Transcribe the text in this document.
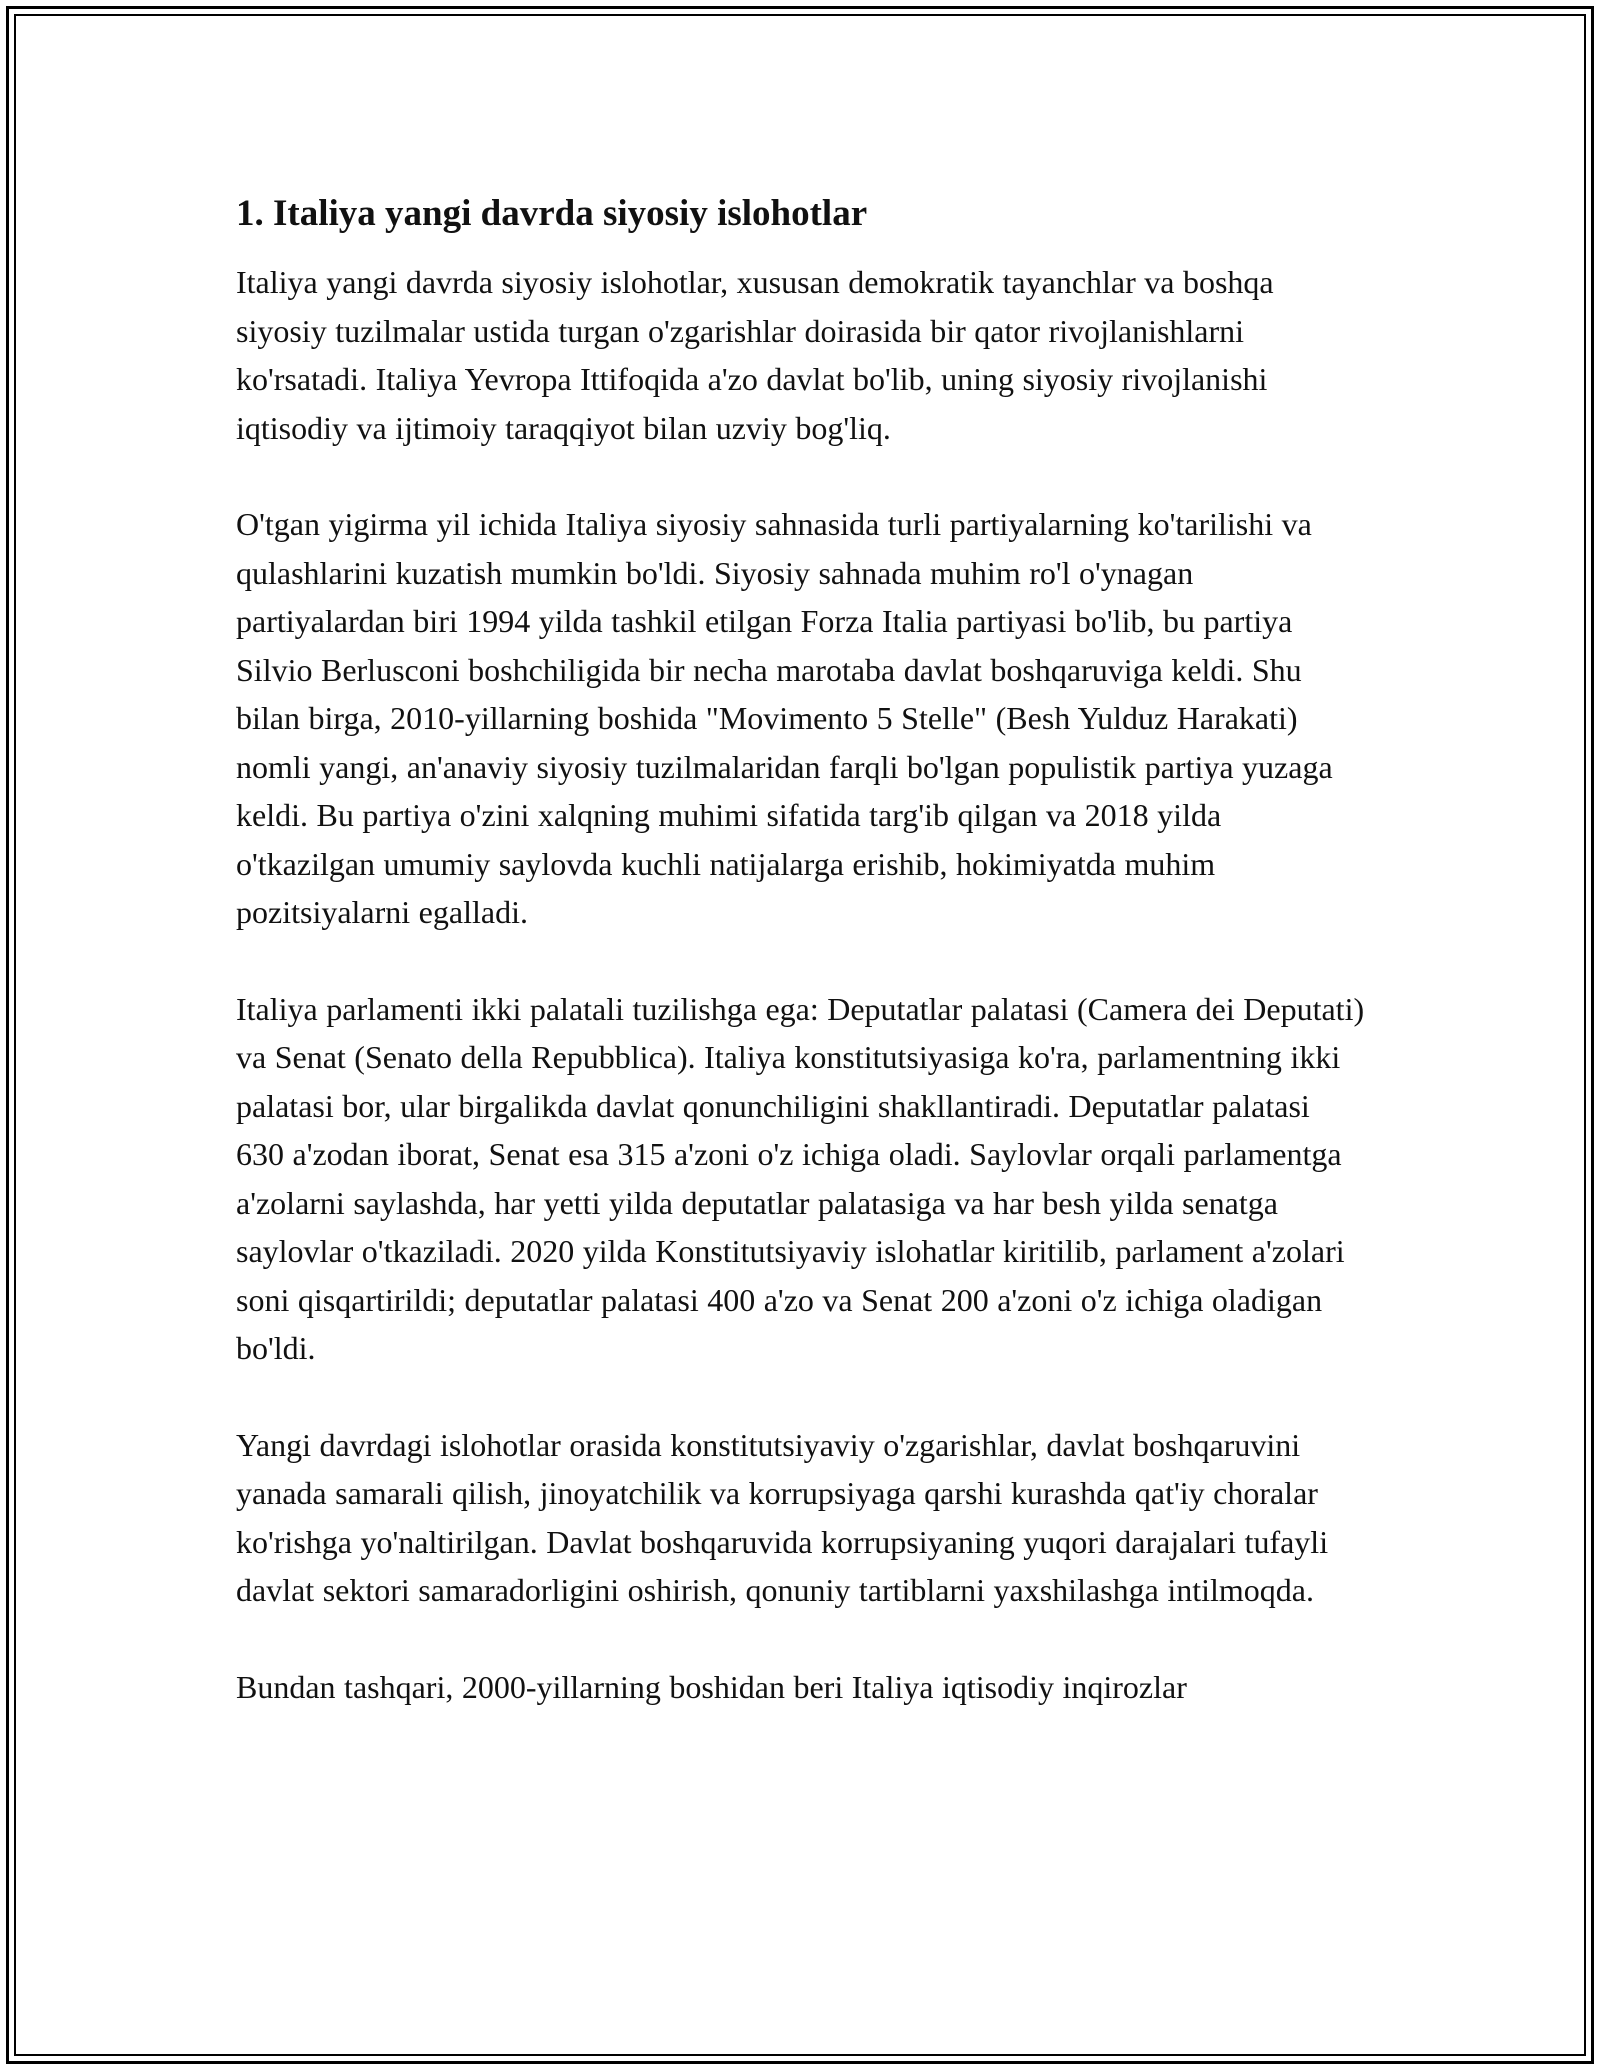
1. Italiya yangi davrda siyosiy islohotlar

Italiya yangi davrda siyosiy islohotlar, xususan demokratik tayanchlar va boshqa siyosiy tuzilmalar ustida turgan o'zgarishlar doirasida bir qator rivojlanishlarni ko'rsatadi. Italiya Yevropa Ittifoqida a'zo davlat bo'lib, uning siyosiy rivojlanishi iqtisodiy va ijtimoiy taraqqiyot bilan uzviy bog'liq.

O'tgan yigirma yil ichida Italiya siyosiy sahnasida turli partiyalarning ko'tarilishi va qulashlarini kuzatish mumkin bo'ldi. Siyosiy sahnada muhim ro'l o'ynagan partiyalardan biri 1994 yilda tashkil etilgan Forza Italia partiyasi bo'lib, bu partiya Silvio Berlusconi boshchiligida bir necha marotaba davlat boshqaruviga keldi. Shu bilan birga, 2010-yillarning boshida "Movimento 5 Stelle" (Besh Yulduz Harakati) nomli yangi, an'anaviy siyosiy tuzilmalaridan farqli bo'lgan populistik partiya yuzaga keldi. Bu partiya o'zini xalqning muhimi sifatida targ'ib qilgan va 2018 yilda o'tkazilgan umumiy saylovda kuchli natijalarga erishib, hokimiyatda muhim pozitsiyalarni egalladi.

Italiya parlamenti ikki palatali tuzilishga ega: Deputatlar palatasi (Camera dei Deputati) va Senat (Senato della Repubblica). Italiya konstitutsiyasiga ko'ra, parlamentning ikki palatasi bor, ular birgalikda davlat qonunchiligini shakllantiradi. Deputatlar palatasi 630 a'zodan iborat, Senat esa 315 a'zoni o'z ichiga oladi. Saylovlar orqali parlamentga a'zolarni saylashda, har yetti yilda deputatlar palatasiga va har besh yilda senatga saylovlar o'tkaziladi. 2020 yilda Konstitutsiyaviy islohatlar kiritilib, parlament a'zolari soni qisqartirildi; deputatlar palatasi 400 a'zo va Senat 200 a'zoni o'z ichiga oladigan bo'ldi.

Yangi davrdagi islohotlar orasida konstitutsiyaviy o'zgarishlar, davlat boshqaruvini yanada samarali qilish, jinoyatchilik va korrupsiyaga qarshi kurashda qat'iy choralar ko'rishga yo'naltirilgan. Davlat boshqaruvida korrupsiyaning yuqori darajalari tufayli davlat sektori samaradorligini oshirish, qonuniy tartiblarni yaxshilashga intilmoqda.

Bundan tashqari, 2000-yillarning boshidan beri Italiya iqtisodiy inqirozlar
